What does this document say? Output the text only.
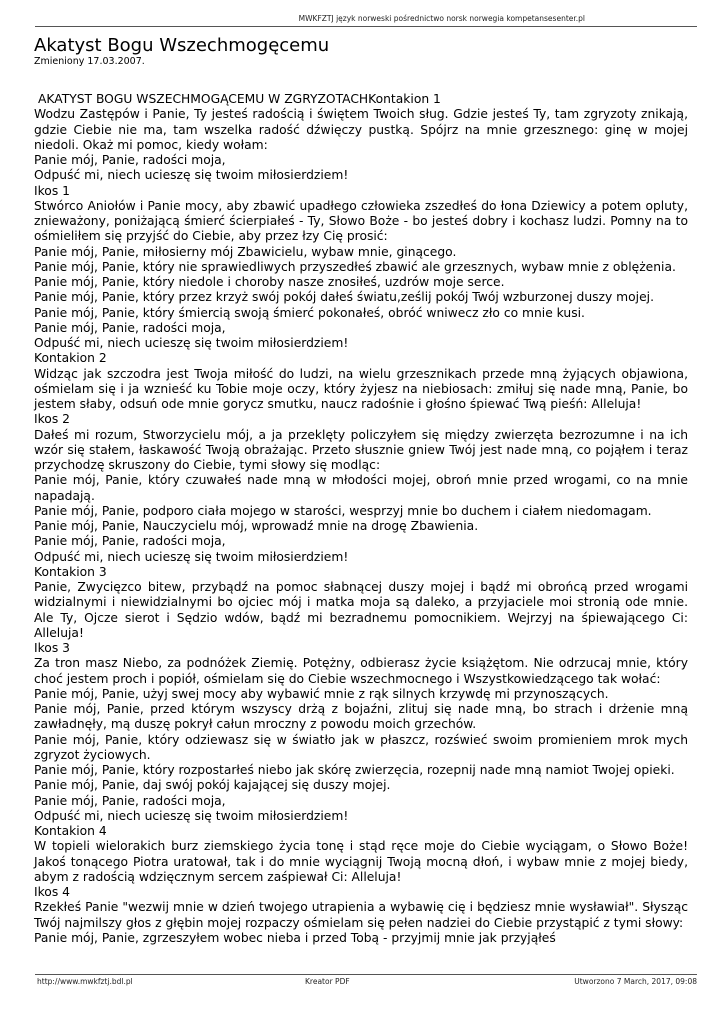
MWKFZTJ język norweski pośrednictwo norsk norwegia kompetansesenter.pl
Akatyst Bogu Wszechmogęcemu
Zmieniony 17.03.2007.

AKATYST BOGU WSZECHMOGĄCEMU W ZGRYZOTACHKontakion 1

Wodzu Zastępów i Panie, Ty jesteś radością i świętem Twoich sług. Gdzie jesteś Ty, tam zgryzoty znikają, gdzie Ciebie nie ma, tam wszelka radość dźwięczy pustką. Spójrz na mnie grzesznego: ginę w mojej niedoli. Okaż mi pomoc, kiedy wołam:

Panie mój, Panie, radości moja,

Odpuść mi, niech ucieszę się twoim miłosierdziem!

Ikos 1

Stwórco Aniołów i Panie mocy, aby zbawić upadłego człowieka zszedłeś do łona Dziewicy a potem opluty, znieważony, poniżającą śmierć ścierpiałeś - Ty, Słowo Boże - bo jesteś dobry i kochasz ludzi. Pomny na to ośmieliłem się przyjść do Ciebie, aby przez łzy Cię prosić:

Panie mój, Panie, miłosierny mój Zbawicielu, wybaw mnie, ginącego.

Panie mój, Panie, który nie sprawiedliwych przyszedłeś zbawić ale grzesznych, wybaw mnie z oblężenia.

Panie mój, Panie, który niedole i choroby nasze znosiłeś, uzdrów moje serce.

Panie mój, Panie, który przez krzyż swój pokój dałeś światu,ześlij pokój Twój wzburzonej duszy mojej.

Panie mój, Panie, który śmiercią swoją śmierć pokonałeś, obróć wniwecz zło co mnie kusi.

Panie mój, Panie, radości moja,

Odpuść mi, niech ucieszę się twoim miłosierdziem!

Kontakion 2

Widząc jak szczodra jest Twoja miłość do ludzi, na wielu grzesznikach przede mną żyjących objawiona, ośmielam się i ja wznieść ku Tobie moje oczy, który żyjesz na niebiosach: zmiłuj się nade mną, Panie, bo jestem słaby, odsuń ode mnie gorycz smutku, naucz radośnie i głośno śpiewać Twą pieśń: Alleluja!

Ikos 2

Dałeś mi rozum, Stworzycielu mój, a ja przeklęty policzyłem się między zwierzęta bezrozumne i na ich wzór się stałem, łaskawość Twoją obrażając. Przeto słusznie gniew Twój jest nade mną, co pojąłem i teraz przychodzę skruszony do Ciebie, tymi słowy się modląc:

Panie mój, Panie, który czuwałeś nade mną w młodości mojej, obroń mnie przed wrogami, co na mnie napadają.

Panie mój, Panie, podporo ciała mojego w starości, wesprzyj mnie bo duchem i ciałem niedomagam.

Panie mój, Panie, Nauczycielu mój, wprowadź mnie na drogę Zbawienia.

Panie mój, Panie, radości moja,

Odpuść mi, niech ucieszę się twoim miłosierdziem!

Kontakion 3

Panie, Zwycięzco bitew, przybądź na pomoc słabnącej duszy mojej i bądź mi obrońcą przed wrogami widzialnymi i niewidzialnymi bo ojciec mój i matka moja są daleko, a przyjaciele moi stronią ode mnie. Ale Ty, Ojcze sierot i Sędzio wdów, bądź mi bezradnemu pomocnikiem. Wejrzyj na śpiewającego Ci: Alleluja!

Ikos 3

Za tron masz Niebo, za podnóżek Ziemię. Potężny, odbierasz życie książętom. Nie odrzucaj mnie, który choć jestem proch i popiół, ośmielam się do Ciebie wszechmocnego i Wszystkowiedzącego tak wołać:

Panie mój, Panie, użyj swej mocy aby wybawić mnie z rąk silnych krzywdę mi przynoszących.

Panie mój, Panie, przed którym wszyscy drżą z bojaźni, zlituj się nade mną, bo strach i drżenie mną zawładnęły, mą duszę pokrył całun mroczny z powodu moich grzechów.

Panie mój, Panie, który odziewasz się w światło jak w płaszcz, rozświeć swoim promieniem mrok mych zgryzot życiowych.

Panie mój, Panie, który rozpostarłeś niebo jak skórę zwierzęcia, rozepnij nade mną namiot Twojej opieki.

Panie mój, Panie, daj swój pokój kajającej się duszy mojej.

Panie mój, Panie, radości moja,

Odpuść mi, niech ucieszę się twoim miłosierdziem!

Kontakion 4

W topieli wielorakich burz ziemskiego życia tonę i stąd ręce moje do Ciebie wyciągam, o Słowo Boże! Jakoś tonącego Piotra uratował, tak i do mnie wyciągnij Twoją mocną dłoń, i wybaw mnie z mojej biedy, abym z radością wdzięcznym sercem zaśpiewał Ci: Alleluja!

Ikos 4

Rzekłeś Panie "wezwij mnie w dzień twojego utrapienia a wybawię cię i będziesz mnie wysławiał". Słysząc Twój najmilszy głos z głębin mojej rozpaczy ośmielam się pełen nadziei do Ciebie przystąpić z tymi słowy:

Panie mój, Panie, zgrzeszyłem wobec nieba i przed Tobą - przyjmij mnie jak przyjąłeś

http://www.mwkfztj.bdl.pl	Kreator PDF	Utworzono 7 March, 2017, 09:08
